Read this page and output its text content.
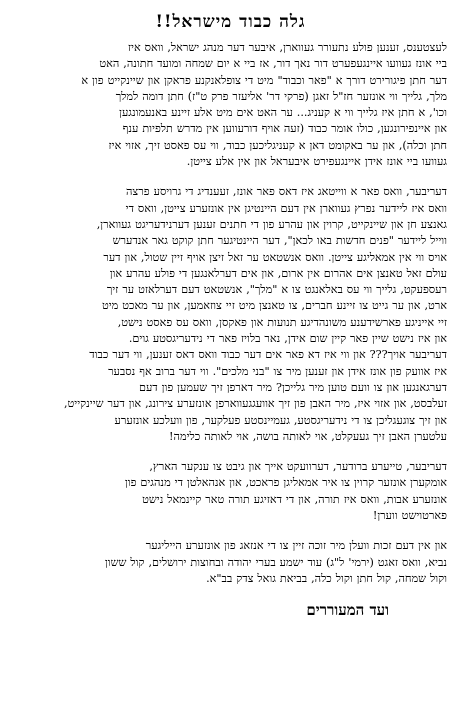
גלה כבוד מישראל!!
לעצטענס, זענען פולע נתעורר געווארן, איבער דער מנהג ישראל, וואס איז
ביי אונז געוועו איינגעפערט דור נאך דור, אז ביי א יום שמחה ומועד חתונה, האט
דער חתן פיגורירט דורך א "פאר וכבוד" מיט די צופלאנקנע פראקן און שיינקייט פון א
מלך, גלייך ווי אונזער חז"ל זאגן (פרקי דר' אליעזר פרק ט"ז) חתן דומה למלך
וכו', א חתן איז גלייך ווי א קעניג... ער האט אים מיט אלע זיינע באנעמונגען
און איינפירונגען, כולו אומר כבוד (זעה אויף דורעווען אין מדרש תלפיות ענף
חתן וכלה), און ער באקומט דאן א קעניגליכען כבוד, ווי עס פאסט זיך, אזוי איז
געוועו ביי אונז אידן איינגעפירט איבעראל און אין אלע צייטן.
דעריבער, וואס פאר א ווייטאג איז דאס פאר אונז, זעענדיג די גרויסע פרצה
וואס איז ליידער נפרץ געווארן אין דעם היינטיגן אין אונזערע צייטן, וואס די
גאנצע חן און שיינקייט, קרוין און עהרע פון די חתנים זענען דערנידעריגט געווארן,
ווייל ליידער "פנים חדשות באו לכאן", דער היינטיגער חתן קוקט גאר אנדערש
אויס ווי אין אמאליגע צייטן. וואס אנשטאט ער זאל זיצן אויף זיין שטול, און דער
עולם זאל טאנצן אים אהרום אין ארום, און אים דערלאנגען די פולע עהרע און
רעספעקט, גלייך ווי עס באלאנגט צו א "מלך", אנשטאט דעם דערלאזט ער זיך
ארט, און ער גייט צו זיינע חברים, צו טאנצן מיט זיי צוזאמען, און ער מאכט מיט
זיי אייניגע פארשידענע משונהדיגע תנועות און פאקסן, וואס עס פאסט נישט,
און איז נישט שיין פאר קיין שום אידן, נאר בלויז פאר די נידעריגסטע גוים.
דעריבער אויך??? און ווי איז דא פאר אים דער כבוד וואס דאס זענען, ווי דער כבוד
איז אוועק פון אונז אידן און זענען מיר צו "בני מלכים". ווי דער ברוב אף נסבער
דערגאנגען און צו וועם טוען מיר גלייכן? מיר דארפן זיך שעמען פון דעם
זעלבסט, און אזוי איז, מיר האבן פון זיך אוועגגעווארפן אונזערע צירונג, און דער שיינקייט,
און זיך צוגעגליכן צו די נידעריגסטע, געמיינסטע פעלקער, פון וועלכע אונזערע
עלטערן האבן זיך געעקלט, אוי לאותה בושה, אוי לאותה כלימה!
דעריבער, טייערע ברודער, דערוועקט אייך און גיבט צו ענקער הארץ,
אומקערן אונזער קרוין צו איר אמאליגן פראכט, און אנהאלטן די מנהגים פון
אונזערע אבות, וואס איז תורה, און די דאזיגע תורה טאר קיינמאל נישט
פארטוישט ווערן!
און אין דעם זכות וועלן מיר זוכה זיין צו די אנזאג פון אונזערע הייליגער
נביא, וואס זאגט (ירמי' ל"ג) עוד ישמע בערי יהודה ובחוצות ירושלים, קול ששון
וקול שמחה, קול חתן וקול כלה, בביאת גואל צדק בב"א.
ועד המעוררים
